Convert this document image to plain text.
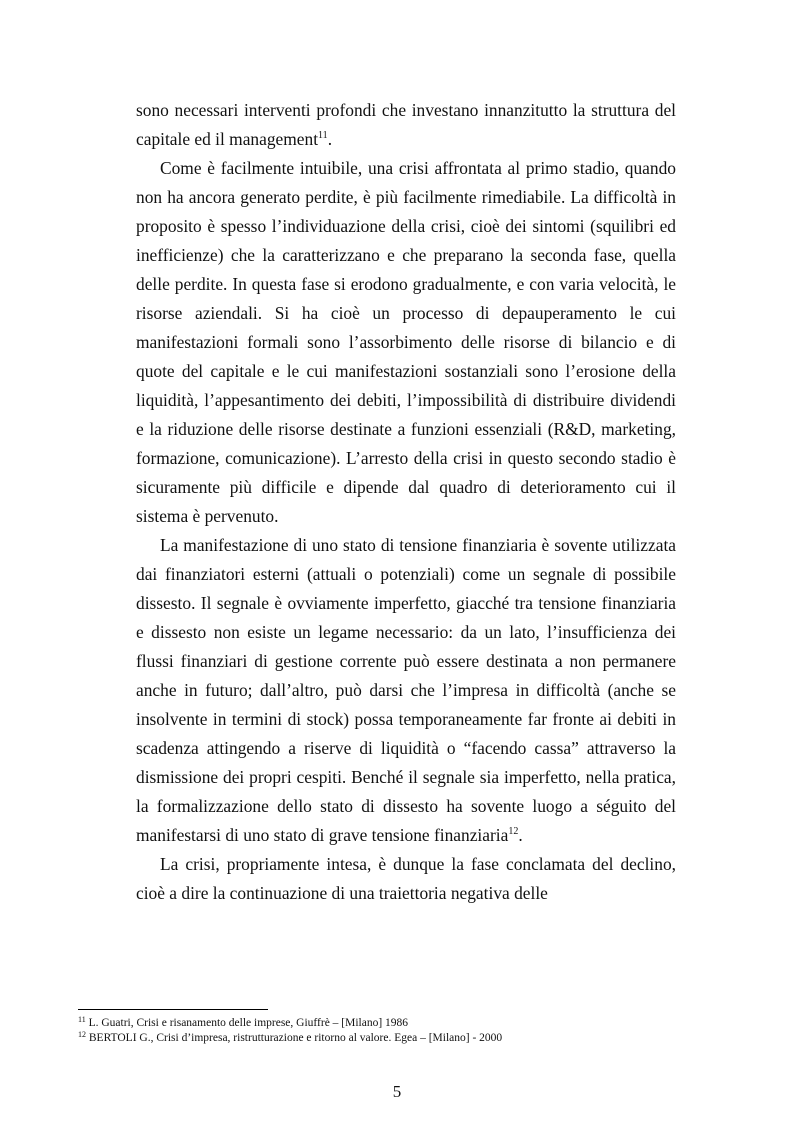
sono necessari interventi profondi che investano innanzitutto la struttura del capitale ed il management$^{11}$.

Come è facilmente intuibile, una crisi affrontata al primo stadio, quando non ha ancora generato perdite, è più facilmente rimediabile. La difficoltà in proposito è spesso l’individuazione della crisi, cioè dei sintomi (squilibri ed inefficienze) che la caratterizzano e che preparano la seconda fase, quella delle perdite. In questa fase si erodono gradualmente, e con varia velocità, le risorse aziendali. Si ha cioè un processo di depauperamento le cui manifestazioni formali sono l’assorbimento delle risorse di bilancio e di quote del capitale e le cui manifestazioni sostanziali sono l’erosione della liquidità, l’appesantimento dei debiti, l’impossibilità di distribuire dividendi e la riduzione delle risorse destinate a funzioni essenziali (R&D, marketing, formazione, comunicazione). L’arresto della crisi in questo secondo stadio è sicuramente più difficile e dipende dal quadro di deterioramento cui il sistema è pervenuto.

La manifestazione di uno stato di tensione finanziaria è sovente utilizzata dai finanziatori esterni (attuali o potenziali) come un segnale di possibile dissesto. Il segnale è ovviamente imperfetto, giacché tra tensione finanziaria e dissesto non esiste un legame necessario: da un lato, l’insufficienza dei flussi finanziari di gestione corrente può essere destinata a non permanere anche in futuro; dall’altro, può darsi che l’impresa in difficoltà (anche se insolvente in termini di stock) possa temporaneamente far fronte ai debiti in scadenza attingendo a riserve di liquidità o “facendo cassa” attraverso la dismissione dei propri cespiti. Benché il segnale sia imperfetto, nella pratica, la formalizzazione dello stato di dissesto ha sovente luogo a séguito del manifestarsi di uno stato di grave tensione finanziaria$^{12}$.

La crisi, propriamente intesa, è dunque la fase conclamata del declino, cioè a dire la continuazione di una traiettoria negativa delle

$^{11}$ L. Guatri, Crisi e risanamento delle imprese, Giuffrè – [Milano] 1986

$^{12}$ BERTOLI G., Crisi d’impresa, ristrutturazione e ritorno al valore. Egea – [Milano] - 2000

5
